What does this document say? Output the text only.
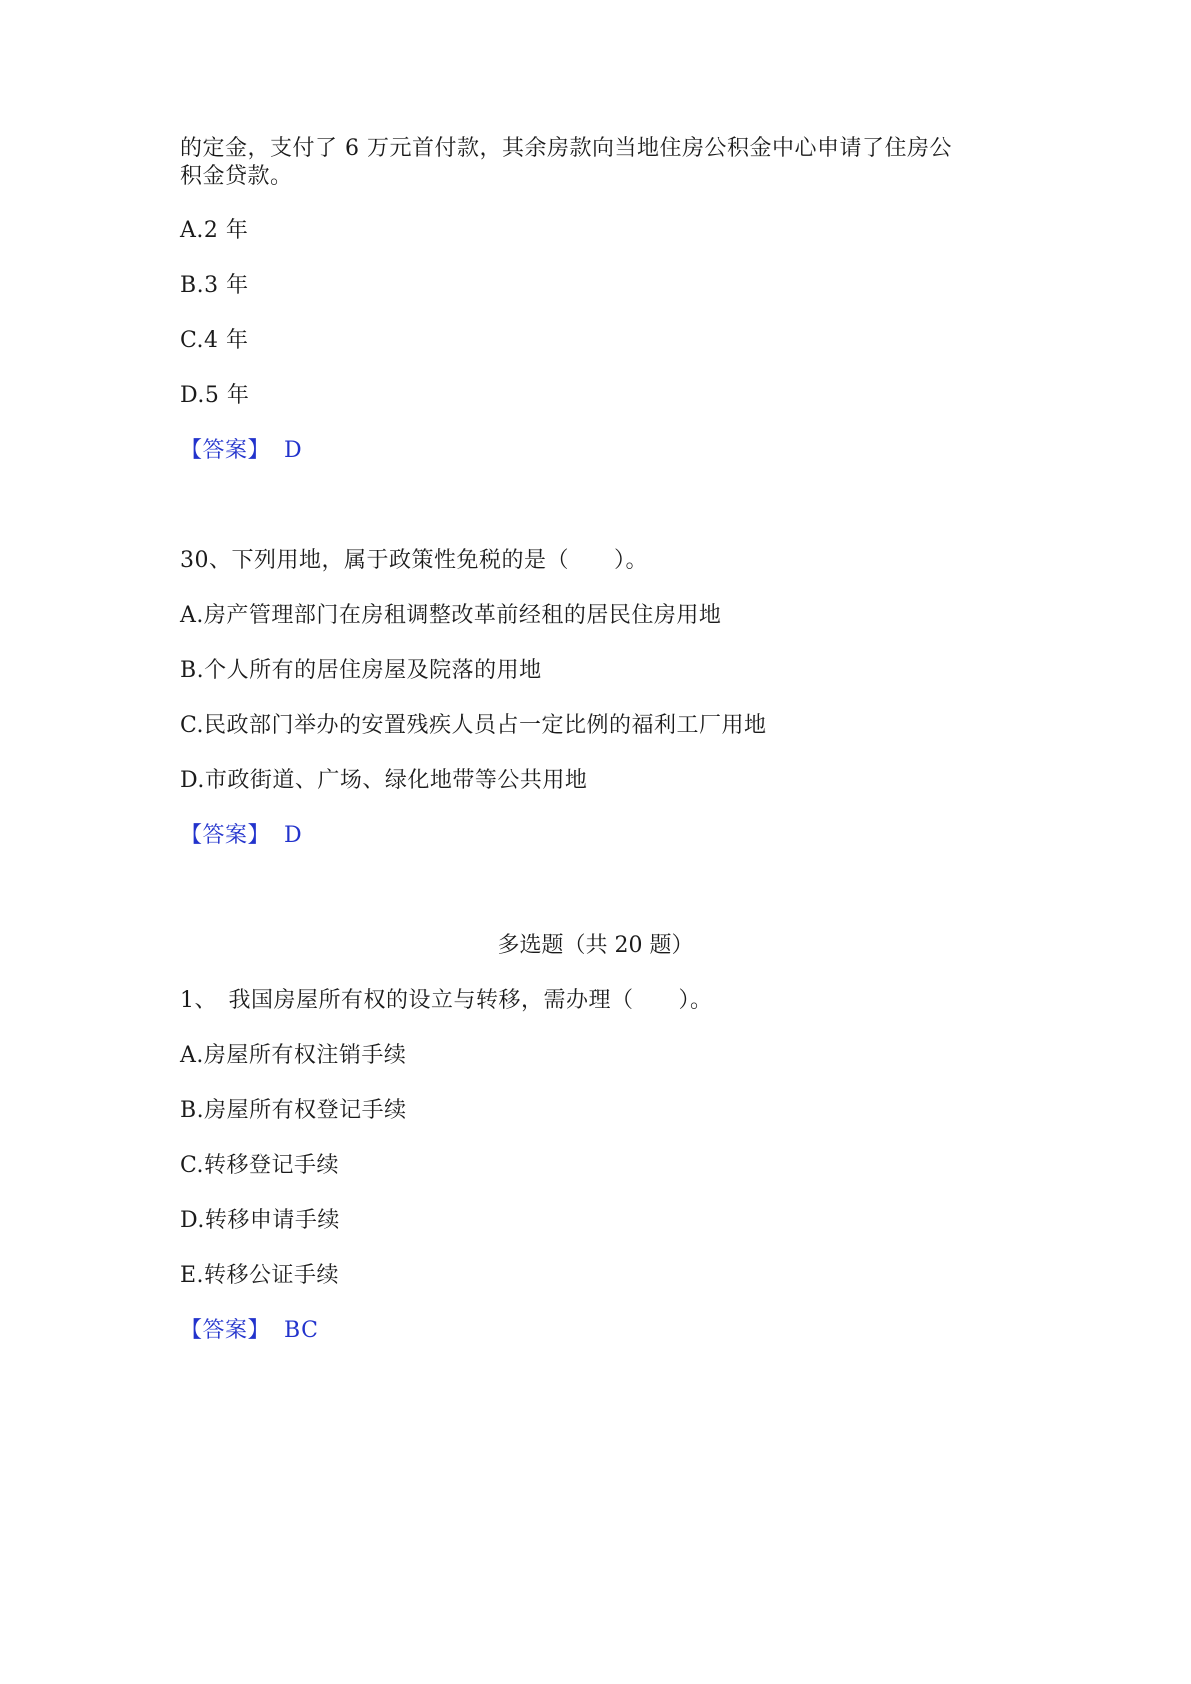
的定金，支付了 6 万元首付款，其余房款向当地住房公积金中心申请了住房公
积金贷款。
A.2 年
B.3 年
C.4 年
D.5 年
【答案】 D
30、下列用地，属于政策性免税的是（　　）。
A.房产管理部门在房租调整改革前经租的居民住房用地
B.个人所有的居住房屋及院落的用地
C.民政部门举办的安置残疾人员占一定比例的福利工厂用地
D.市政街道、广场、绿化地带等公共用地
【答案】 D
多选题（共 20 题）
1、　我国房屋所有权的设立与转移，需办理（　　）。
A.房屋所有权注销手续
B.房屋所有权登记手续
C.转移登记手续
D.转移申请手续
E.转移公证手续
【答案】 BC
